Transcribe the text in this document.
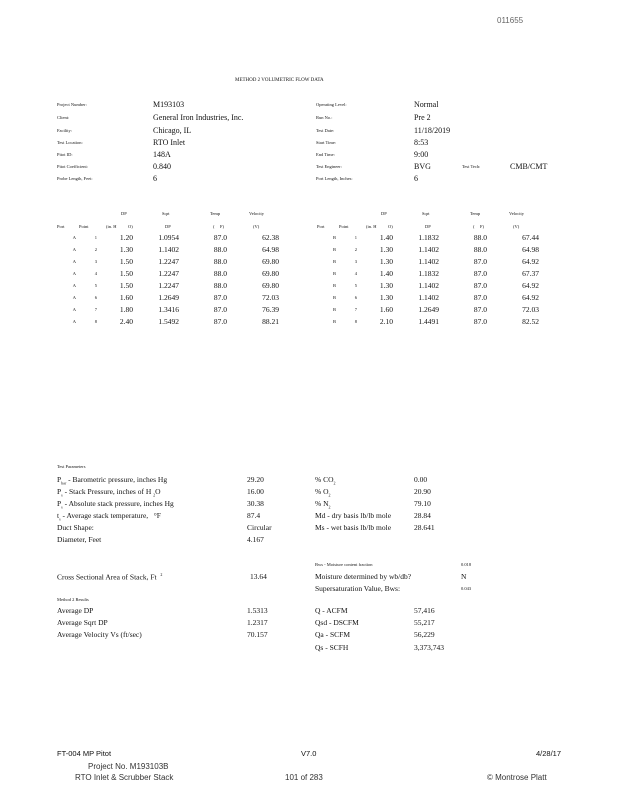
011655
METHOD 2 VOLUMETRIC FLOW DATA
Project Number:	M193103
Client:	General Iron Industries, Inc.
Facility:	Chicago, IL
Test Location:	RTO Inlet
Pitot ID:	148A
Pitot Coefficient:	0.840
Probe Length, Feet:	6
Operating Level:	Normal
Run No.:	Pre 2
Test Date:	11/18/2019
Start Time:	8:53
End Time:	9:00
Test Engineer:	BVG	Test Tech:	CMB/CMT
Port Length, Inches:	6
DP	Sqrt	Temp	Velocity
Port	Point	(in. H	O)	DP	( F)	(V)
A	1	1.20	1.0954	87.0	62.38
A	2	1.30	1.1402	88.0	64.98
A	3	1.50	1.2247	88.0	69.80
A	4	1.50	1.2247	88.0	69.80
A	5	1.50	1.2247	88.0	69.80
A	6	1.60	1.2649	87.0	72.03
A	7	1.80	1.3416	87.0	76.39
A	8	2.40	1.5492	87.0	88.21
DP	Sqrt	Temp	Velocity
Port	Point	(in. H	O)	DP	( F)	(V)
B	1	1.40	1.1832	88.0	67.44
B	2	1.30	1.1402	88.0	64.98
B	3	1.30	1.1402	87.0	64.92
B	4	1.40	1.1832	87.0	67.37
B	5	1.30	1.1402	87.0	64.92
B	6	1.30	1.1402	87.0	64.92
B	7	1.60	1.2649	87.0	72.03
B	8	2.10	1.4491	87.0	82.52
Test Parameters
$P_{bar}$ - Barometric pressure, inches Hg	29.20
$P_s$ - Stack Pressure, inches of H $_2$O	16.00
$P_s$ - Absolute stack pressure, inches Hg	30.38
$t_s$ - Average stack temperature,   °F	87.4
Duct Shape:	Circular
Diameter, Feet	4.167
% $CO_2$	0.00
% $O_2$	20.90
% $N_2$	79.10
Md - dry basis lb/lb mole	28.84
Ms - wet basis lb/lb mole	28.641
Bws - Moisture content fraction	0.018
Cross Sectional Area of Stack, Ft $^2$	13.64	Moisture determined by wb/db?	N
Supersaturation Value, Bws:	0.043
Method 2 Results
Average DP	1.5313
Average Sqrt DP	1.2317
Average Velocity Vs (ft/sec)	70.157
Q - ACFM	57,416
Qsd - DSCFM	55,217
Qa - SCFM	56,229
Qs - SCFH	3,373,743
FT-004 MP Pitot	V7.0	4/28/17
Project No. M193103B
RTO Inlet & Scrubber Stack	101 of 283	© Montrose Platt
